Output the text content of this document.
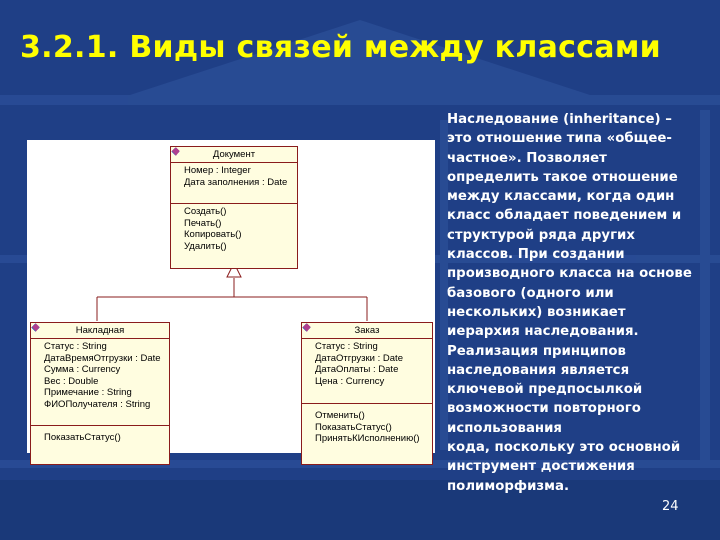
3.2.1. Виды связей между классами
Документ
Номер : Integer
Дата заполнения : Date
Создать()
Печать()
Копировать()
Удалить()
Накладная
Статус : String
ДатаВремяОтгрузки : Date
Сумма : Currency
Вес : Double
Примечание : String
ФИОПолучателя : String
ПоказатьСтатус()
Заказ
Статус : String
ДатаОтгрузки : Date
ДатаОплаты : Date
Цена : Currency
Отменить()
ПоказатьСтатус()
ПринятьКИсполнению()

Наследование (inheritance) –
это отношение типа «общее-
частное». Позволяет
определить такое отношение
между классами, когда один
класс обладает поведением и
структурой ряда других
классов. При создании
производного класса на основе
базового (одного или
нескольких) возникает
иерархия наследования.
Реализация принципов
наследования является
ключевой предпосылкой
возможности повторного
использования
кода, поскольку это основной
инструмент достижения
полиморфизма.

24
